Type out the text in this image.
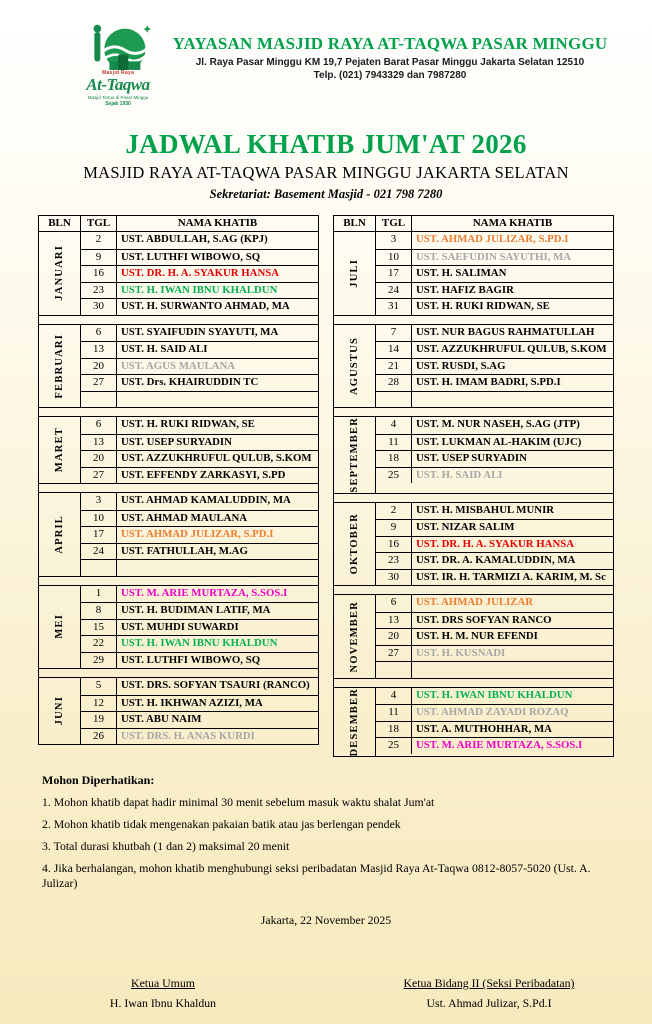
Masjid Raya
At-Taqwa
Masjid Tertua di Pasar Minggu
Sejak 1930
YAYASAN MASJID RAYA AT-TAQWA PASAR MINGGU
Jl. Raya Pasar Minggu KM 19,7 Pejaten Barat Pasar Minggu Jakarta Selatan 12510
Telp. (021) 7943329 dan 7987280
JADWAL KHATIB JUM'AT 2026
MASJID RAYA AT-TAQWA PASAR MINGGU JAKARTA SELATAN
Sekretariat: Basement Masjid - 021 798 7280
BLN	TGL	NAMA KHATIB
JANUARI
2	UST. ABDULLAH, S.AG (KPJ)
9	UST. LUTHFI WIBOWO, SQ
16	UST. DR. H. A. SYAKUR HANSA
23	UST. H. IWAN IBNU KHALDUN
30	UST. H. SURWANTO AHMAD, MA
FEBRUARI
6	UST. SYAIFUDIN SYAYUTI, MA
13	UST. H. SAID ALI
20	UST. AGUS MAULANA
27	UST. Drs. KHAIRUDDIN TC
MARET
6	UST. H. RUKI RIDWAN, SE
13	UST. USEP SURYADIN
20	UST. AZZUKHRUFUL QULUB, S.KOM
27	UST. EFFENDY ZARKASYI, S.PD
APRIL
3	UST. AHMAD KAMALUDDIN, MA
10	UST. AHMAD MAULANA
17	UST. AHMAD JULIZAR, S.PD.I
24	UST. FATHULLAH, M.AG
MEI
1	UST. M. ARIE MURTAZA, S.SOS.I
8	UST. H. BUDIMAN LATIF, MA
15	UST. MUHDI SUWARDI
22	UST. H. IWAN IBNU KHALDUN
29	UST. LUTHFI WIBOWO, SQ
JUNI
5	UST. DRS. SOFYAN TSAURI (RANCO)
12	UST. H. IKHWAN AZIZI, MA
19	UST. ABU NAIM
26	UST. DRS. H. ANAS KURDI
BLN	TGL	NAMA KHATIB
JULI
3	UST. AHMAD JULIZAR, S.PD.I
10	UST. SAEFUDIN SAYUTHI, MA
17	UST. H. SALIMAN
24	UST. HAFIZ BAGIR
31	UST. H. RUKI RIDWAN, SE
AGUSTUS
7	UST. NUR BAGUS RAHMATULLAH
14	UST. AZZUKHRUFUL QULUB, S.KOM
21	UST. RUSDI, S.AG
28	UST. H. IMAM BADRI, S.PD.I
SEPTEMBER	4	UST. M. NUR NASEH, S.AG (JTP)
11	UST. LUKMAN AL-HAKIM (UJC)
18	UST. USEP SURYADIN
25	UST. H. SAID ALI
OKTOBER
2	UST. H. MISBAHUL MUNIR
9	UST. NIZAR SALIM
16	UST. DR. H. A. SYAKUR HANSA
23	UST. DR. A. KAMALUDDIN, MA
30	UST. IR. H. TARMIZI A. KARIM, M. Sc
NOVEMBER	6	UST. AHMAD JULIZAR
13	UST. DRS SOFYAN RANCO
20	UST. H. M. NUR EFENDI
27	UST. H. KUSNADI
DESEMBER	4	UST. H. IWAN IBNU KHALDUN
11	UST. AHMAD ZAYADI ROZAQ
18	UST. A. MUTHOHHAR, MA
25	UST. M. ARIE MURTAZA, S.SOS.I
Mohon Diperhatikan:
1. Mohon khatib dapat hadir minimal 30 menit sebelum masuk waktu shalat Jum'at
2. Mohon khatib tidak mengenakan pakaian batik atau jas berlengan pendek
3. Total durasi khutbah (1 dan 2) maksimal 20 menit
4. Jika berhalangan, mohon khatib menghubungi seksi peribadatan Masjid Raya At-Taqwa 0812-8057-5020 (Ust. A. Julizar)
Jakarta, 22 November 2025
Ketua Umum
H. Iwan Ibnu Khaldun
Ketua Bidang II (Seksi Peribadatan)
Ust. Ahmad Julizar, S.Pd.I
